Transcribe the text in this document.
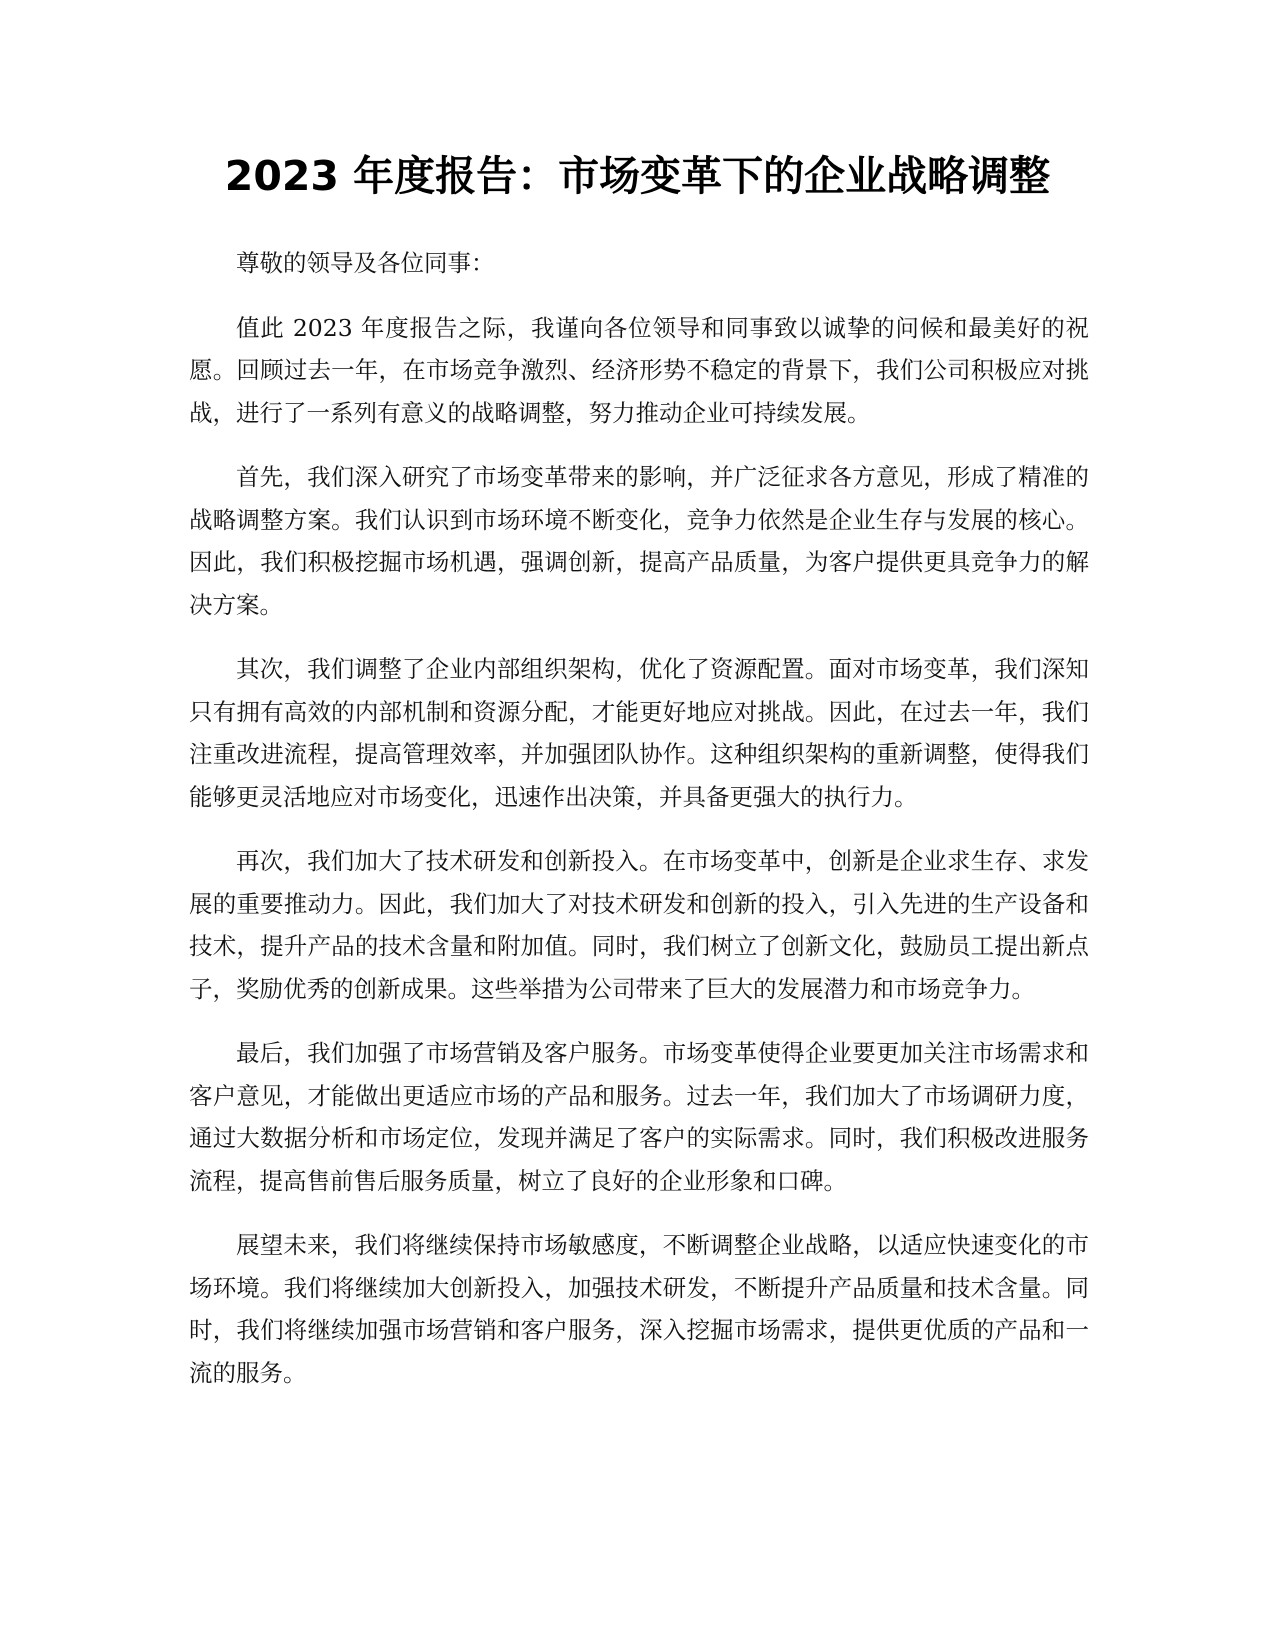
2023 年度报告：市场变革下的企业战略调整

尊敬的领导及各位同事：

值此 2023 年度报告之际，我谨向各位领导和同事致以诚挚的问候和最美好的祝愿。回顾过去一年，在市场竞争激烈、经济形势不稳定的背景下，我们公司积极应对挑战，进行了一系列有意义的战略调整，努力推动企业可持续发展。

首先，我们深入研究了市场变革带来的影响，并广泛征求各方意见，形成了精准的战略调整方案。我们认识到市场环境不断变化，竞争力依然是企业生存与发展的核心。因此，我们积极挖掘市场机遇，强调创新，提高产品质量，为客户提供更具竞争力的解决方案。

其次，我们调整了企业内部组织架构，优化了资源配置。面对市场变革，我们深知只有拥有高效的内部机制和资源分配，才能更好地应对挑战。因此，在过去一年，我们注重改进流程，提高管理效率，并加强团队协作。这种组织架构的重新调整，使得我们能够更灵活地应对市场变化，迅速作出决策，并具备更强大的执行力。

再次，我们加大了技术研发和创新投入。在市场变革中，创新是企业求生存、求发展的重要推动力。因此，我们加大了对技术研发和创新的投入，引入先进的生产设备和技术，提升产品的技术含量和附加值。同时，我们树立了创新文化，鼓励员工提出新点子，奖励优秀的创新成果。这些举措为公司带来了巨大的发展潜力和市场竞争力。

最后，我们加强了市场营销及客户服务。市场变革使得企业要更加关注市场需求和客户意见，才能做出更适应市场的产品和服务。过去一年，我们加大了市场调研力度，通过大数据分析和市场定位，发现并满足了客户的实际需求。同时，我们积极改进服务流程，提高售前售后服务质量，树立了良好的企业形象和口碑。

展望未来，我们将继续保持市场敏感度，不断调整企业战略，以适应快速变化的市场环境。我们将继续加大创新投入，加强技术研发，不断提升产品质量和技术含量。同时，我们将继续加强市场营销和客户服务，深入挖掘市场需求，提供更优质的产品和一流的服务。
